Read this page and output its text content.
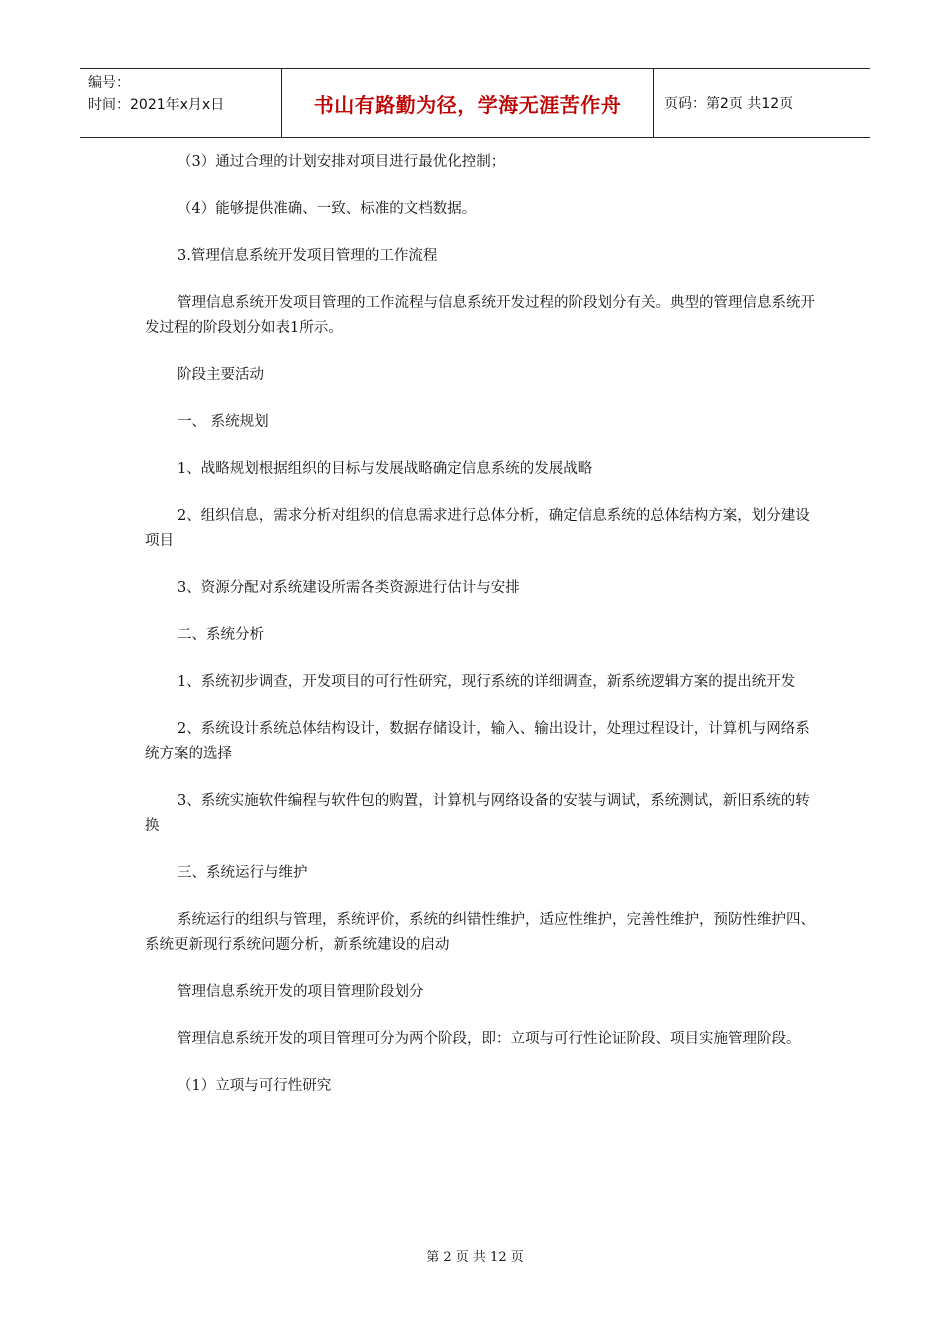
编号：
时间：2021年x月x日	书山有路勤为径，学海无涯苦作舟	页码：第2页 共12页
（3）通过合理的计划安排对项目进行最优化控制；
（4）能够提供准确、一致、标准的文档数据。
3.管理信息系统开发项目管理的工作流程
管理信息系统开发项目管理的工作流程与信息系统开发过程的阶段划分有关。典型的管理信息系统开发过程的阶段划分如表1所示。
阶段主要活动
一、 系统规划
1、战略规划根据组织的目标与发展战略确定信息系统的发展战略
2、组织信息，需求分析对组织的信息需求进行总体分析，确定信息系统的总体结构方案，划分建设项目
3、资源分配对系统建设所需各类资源进行估计与安排
二、系统分析
1、系统初步调查，开发项目的可行性研究，现行系统的详细调查，新系统逻辑方案的提出统开发
2、系统设计系统总体结构设计，数据存储设计，输入、输出设计，处理过程设计，计算机与网络系统方案的选择
3、系统实施软件编程与软件包的购置，计算机与网络设备的安装与调试，系统测试，新旧系统的转换
三、系统运行与维护
系统运行的组织与管理，系统评价，系统的纠错性维护，适应性维护，完善性维护，预防性维护四、系统更新现行系统问题分析，新系统建设的启动
管理信息系统开发的项目管理阶段划分
管理信息系统开发的项目管理可分为两个阶段，即：立项与可行性论证阶段、项目实施管理阶段。
（1）立项与可行性研究
第 2 页 共 12 页
